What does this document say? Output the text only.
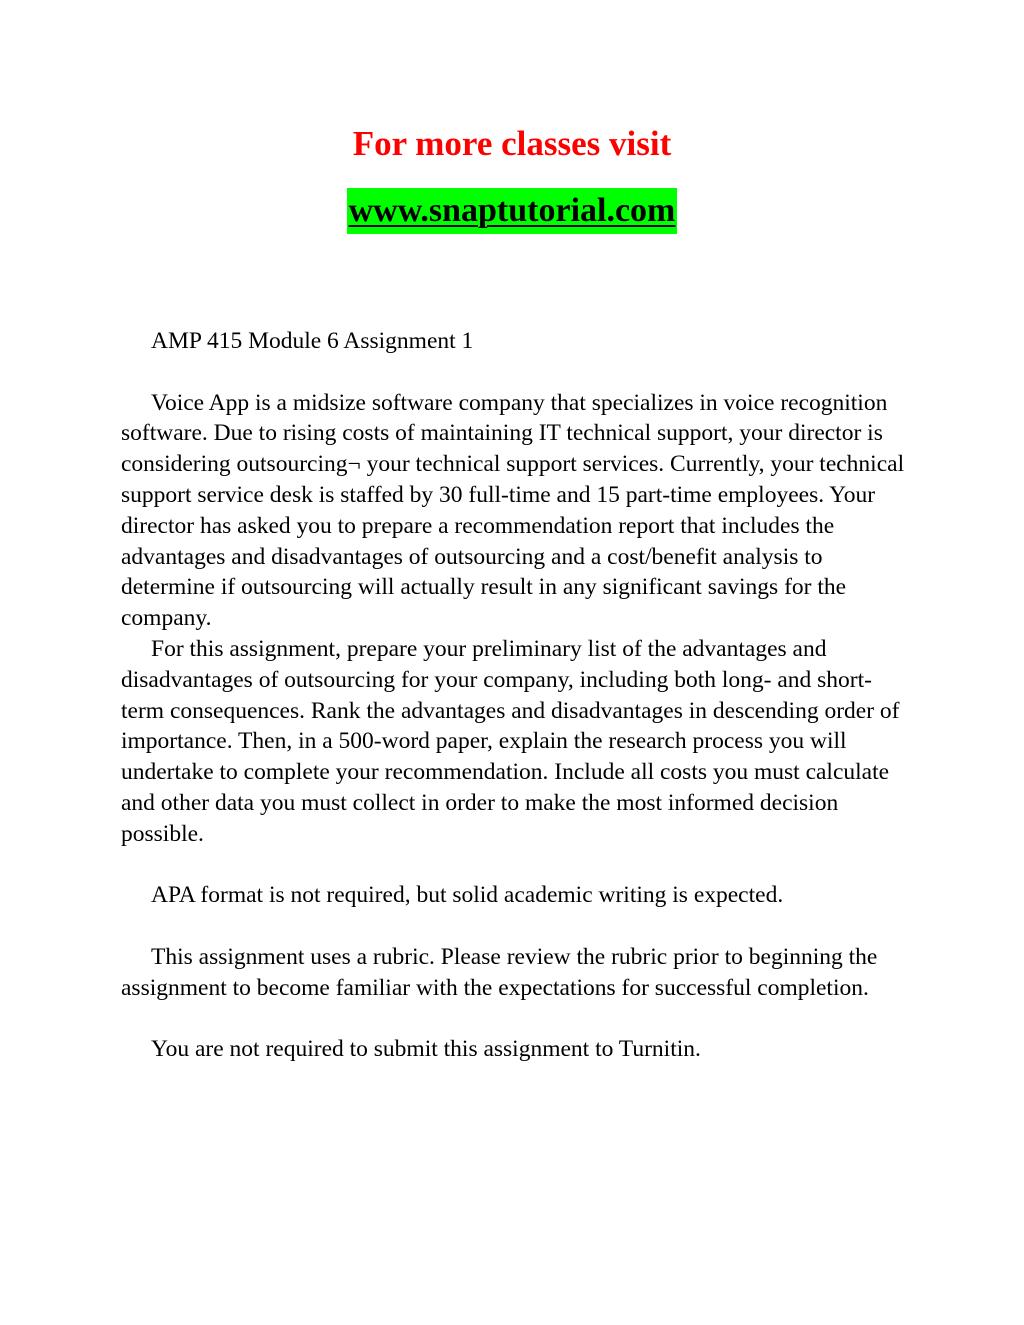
For more classes visit
www.snaptutorial.com

AMP 415 Module 6 Assignment 1

Voice App is a midsize software company that specializes in voice recognition software. Due to rising costs of maintaining IT technical support, your director is considering outsourcing¬ your technical support services. Currently, your technical support service desk is staffed by 30 full-time and 15 part-time employees. Your director has asked you to prepare a recommendation report that includes the advantages and disadvantages of outsourcing and a cost/benefit analysis to determine if outsourcing will actually result in any significant savings for the company.

For this assignment, prepare your preliminary list of the advantages and disadvantages of outsourcing for your company, including both long- and short-term consequences. Rank the advantages and disadvantages in descending order of importance. Then, in a 500-word paper, explain the research process you will undertake to complete your recommendation. Include all costs you must calculate and other data you must collect in order to make the most informed decision possible.

APA format is not required, but solid academic writing is expected.

This assignment uses a rubric. Please review the rubric prior to beginning the assignment to become familiar with the expectations for successful completion.

You are not required to submit this assignment to Turnitin.
